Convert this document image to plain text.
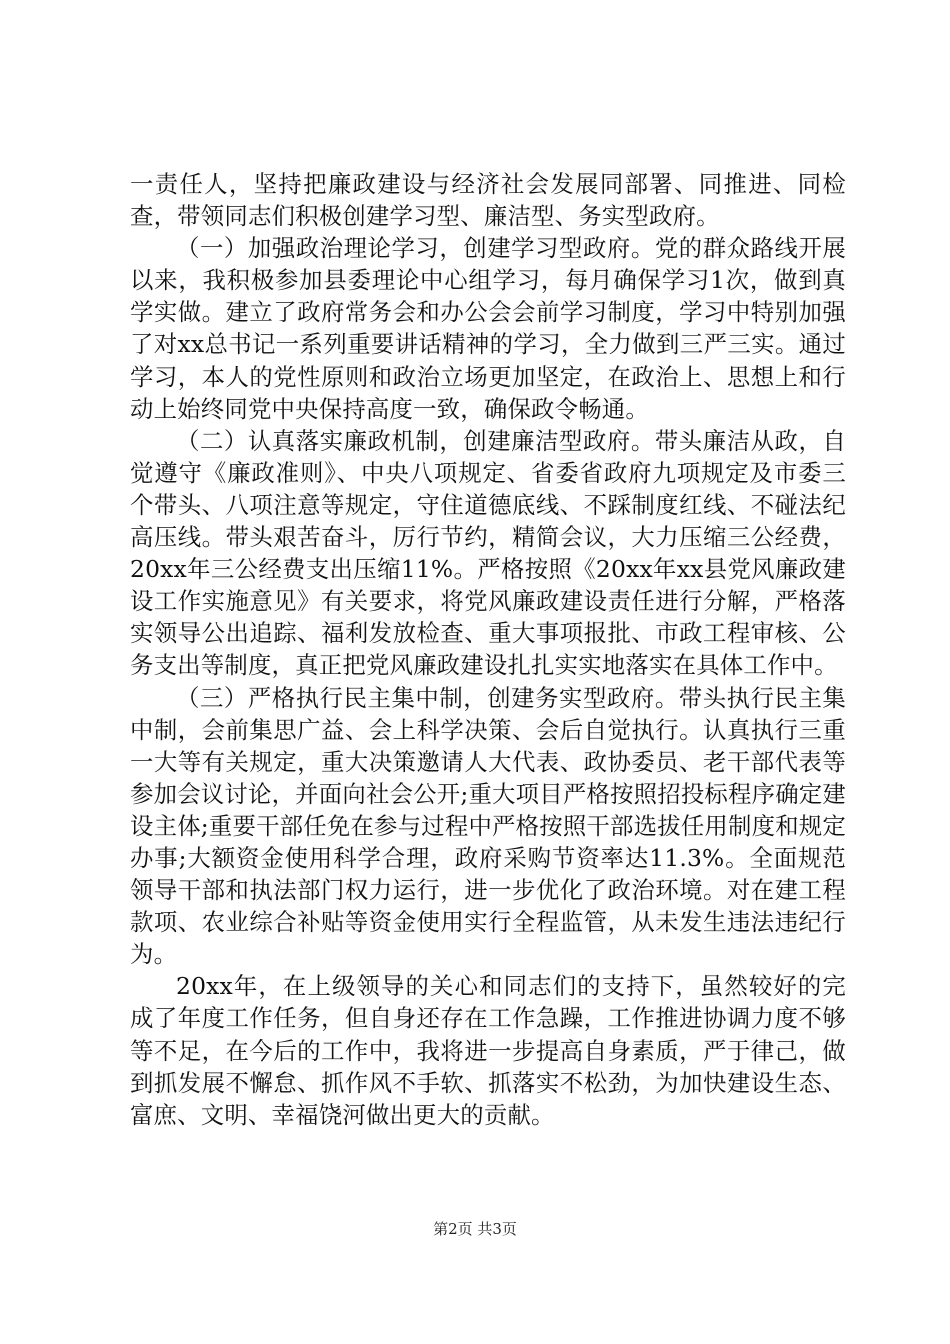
一责任人，坚持把廉政建设与经济社会发展同部署、同推进、同检查，带领同志们积极创建学习型、廉洁型、务实型政府。

（一）加强政治理论学习，创建学习型政府。党的群众路线开展以来，我积极参加县委理论中心组学习，每月确保学习1次，做到真学实做。建立了政府常务会和办公会会前学习制度，学习中特别加强了对xx总书记一系列重要讲话精神的学习，全力做到三严三实。通过学习，本人的党性原则和政治立场更加坚定，在政治上、思想上和行动上始终同党中央保持高度一致，确保政令畅通。

（二）认真落实廉政机制，创建廉洁型政府。带头廉洁从政，自觉遵守《廉政准则》、中央八项规定、省委省政府九项规定及市委三个带头、八项注意等规定，守住道德底线、不踩制度红线、不碰法纪高压线。带头艰苦奋斗，厉行节约，精简会议，大力压缩三公经费，20xx年三公经费支出压缩11%。严格按照《20xx年xx县党风廉政建设工作实施意见》有关要求，将党风廉政建设责任进行分解，严格落实领导公出追踪、福利发放检查、重大事项报批、市政工程审核、公务支出等制度，真正把党风廉政建设扎扎实实地落实在具体工作中。

（三）严格执行民主集中制，创建务实型政府。带头执行民主集中制，会前集思广益、会上科学决策、会后自觉执行。认真执行三重一大等有关规定，重大决策邀请人大代表、政协委员、老干部代表等参加会议讨论，并面向社会公开;重大项目严格按照招投标程序确定建设主体;重要干部任免在参与过程中严格按照干部选拔任用制度和规定办事;大额资金使用科学合理，政府采购节资率达11.3%。全面规范领导干部和执法部门权力运行，进一步优化了政治环境。对在建工程款项、农业综合补贴等资金使用实行全程监管，从未发生违法违纪行为。

20xx年，在上级领导的关心和同志们的支持下，虽然较好的完成了年度工作任务，但自身还存在工作急躁，工作推进协调力度不够等不足，在今后的工作中，我将进一步提高自身素质，严于律己，做到抓发展不懈怠、抓作风不手软、抓落实不松劲，为加快建设生态、富庶、文明、幸福饶河做出更大的贡献。

第2页 共3页
